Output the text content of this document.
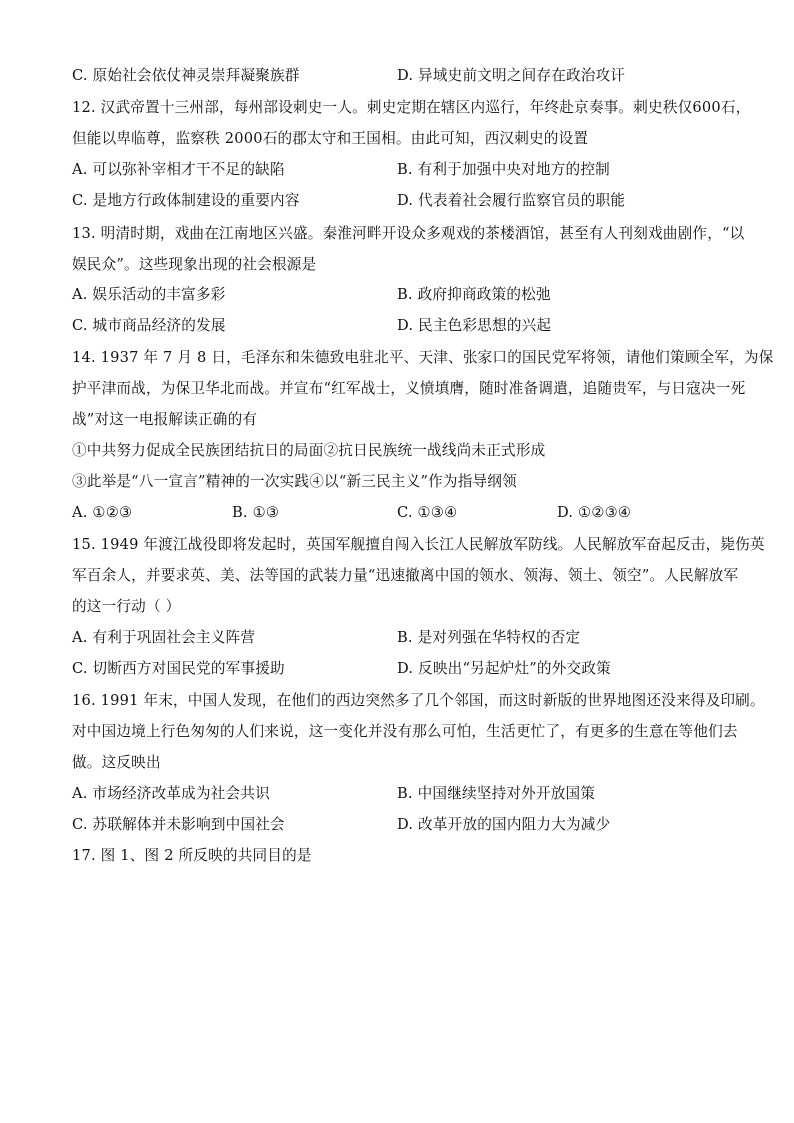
C. 原始社会依仗神灵崇拜凝聚族群	D. 异域史前文明之间存在政治攻讦
12. 汉武帝置十三州部，每州部设刺史一人。刺史定期在辖区内巡行，年终赴京奏事。刺史秩仅600石，
但能以卑临尊，监察秩 2000石的郡太守和王国相。由此可知，西汉刺史的设置
A. 可以弥补宰相才干不足的缺陷	B. 有利于加强中央对地方的控制
C. 是地方行政体制建设的重要内容	D. 代表着社会履行监察官员的职能
13. 明清时期，戏曲在江南地区兴盛。秦淮河畔开设众多观戏的茶楼酒馆，甚至有人刊刻戏曲剧作，“以
娱民众”。这些现象出现的社会根源是
A. 娱乐活动的丰富多彩	B. 政府抑商政策的松弛
C. 城市商品经济的发展	D. 民主色彩思想的兴起
14. 1937 年 7 月 8 日，毛泽东和朱德致电驻北平、天津、张家口的国民党军将领，请他们策顾全军，为保
护平津而战，为保卫华北而战。并宣布“红军战士，义愤填膺，随时准备调遣，追随贵军，与日寇决一死
战”对这一电报解读正确的有
①中共努力促成全民族团结抗日的局面②抗日民族统一战线尚未正式形成
③此举是“八一宣言”精神的一次实践④以“新三民主义”作为指导纲领
A. ①②③	B. ①③	C. ①③④	D. ①②③④
15. 1949 年渡江战役即将发起时，英国军舰擅自闯入长江人民解放军防线。人民解放军奋起反击，毙伤英
军百余人，并要求英、美、法等国的武装力量“迅速撤离中国的领水、领海、领土、领空”。人民解放军
的这一行动（ ）
A. 有利于巩固社会主义阵营	B. 是对列强在华特权的否定
C. 切断西方对国民党的军事援助	D. 反映出“另起炉灶”的外交政策
16. 1991 年末，中国人发现，在他们的西边突然多了几个邻国，而这时新版的世界地图还没来得及印刷。
对中国边境上行色匆匆的人们来说，这一变化并没有那么可怕，生活更忙了，有更多的生意在等他们去
做。这反映出
A. 市场经济改革成为社会共识	B. 中国继续坚持对外开放国策
C. 苏联解体并未影响到中国社会	D. 改革开放的国内阻力大为减少
17. 图 1、图 2 所反映的共同目的是
